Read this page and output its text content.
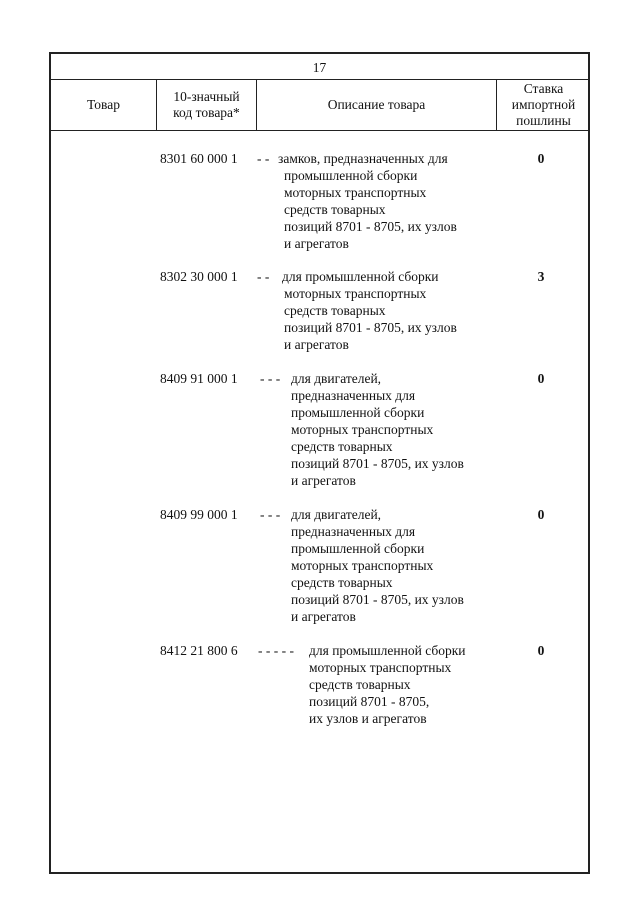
17
Товар
10-значный
код товара*
Описание товара
Ставка
импортной
пошлины
8301 60 000 1 - - замков, предназначенных для
промышленной сборки
моторных транспортных
средств товарных
позиций 8701 - 8705, их узлов
и агрегатов
0
8302 30 000 1 - - для промышленной сборки
моторных транспортных
средств товарных
позиций 8701 - 8705, их узлов
и агрегатов
3
8409 91 000 1 - - - для двигателей,
предназначенных для
промышленной сборки
моторных транспортных
средств товарных
позиций 8701 - 8705, их узлов
и агрегатов
0
8409 99 000 1 - - - для двигателей,
предназначенных для
промышленной сборки
моторных транспортных
средств товарных
позиций 8701 - 8705, их узлов
и агрегатов
0
8412 21 800 6 - - - - - для промышленной сборки
моторных транспортных
средств товарных
позиций 8701 - 8705,
их узлов и агрегатов
0
